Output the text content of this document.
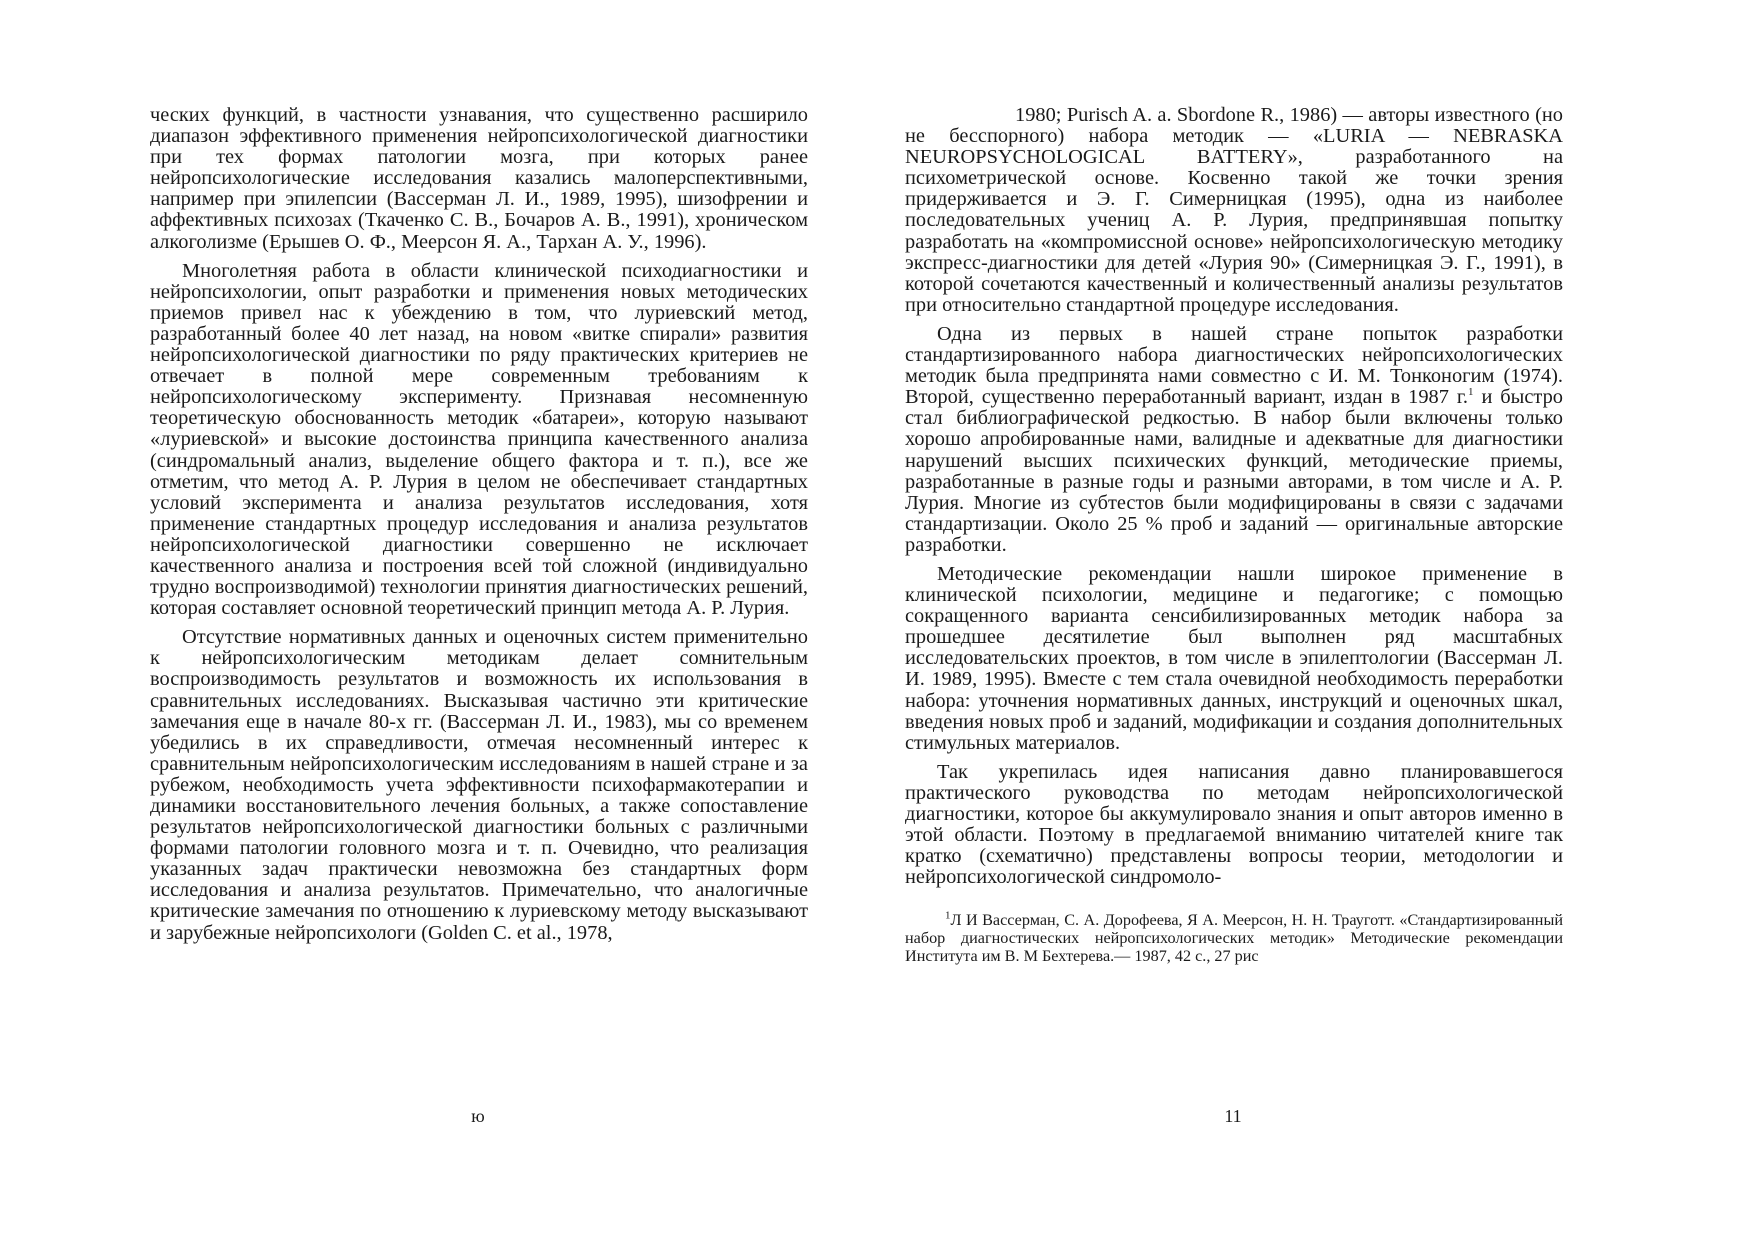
ческих функций, в частности узнавания, что существенно расширило диапазон эффективного применения нейропсихологической диагностики при тех формах патологии мозга, при которых ранее нейропсихологические исследования казались малоперспективными, например при эпилепсии (Вассерман Л. И., 1989, 1995), шизофрении и аффективных психозах (Ткаченко С. В., Бочаров А. В., 1991), хроническом алкоголизме (Ерышев О. Ф., Меерсон Я. А., Тархан А. У., 1996).

Многолетняя работа в области клинической психодиагностики и нейропсихологии, опыт разработки и применения новых методических приемов привел нас к убеждению в том, что луриевский метод, разработанный более 40 лет назад, на новом «витке спирали» развития нейропсихологической диагностики по ряду практических критериев не отвечает в полной мере современным требованиям к нейропсихологическому эксперименту. Признавая несомненную теоретическую обоснованность методик «батареи», которую называют «луриевской» и высокие достоинства принципа качественного анализа (синдромальный анализ, выделение общего фактора и т. п.), все же отметим, что метод А. Р. Лурия в целом не обеспечивает стандартных условий эксперимента и анализа результатов исследования, хотя применение стандартных процедур исследования и анализа результатов нейропсихологической диагностики совершенно не исключает качественного анализа и построения всей той сложной (индивидуально трудно воспроизводимой) технологии принятия диагностических решений, которая составляет основной теоретический принцип метода А. Р. Лурия.

Отсутствие нормативных данных и оценочных систем применительно к нейропсихологическим методикам делает сомнительным воспроизводимость результатов и возможность их использования в сравнительных исследованиях. Высказывая частично эти критические замечания еще в начале 80-х гг. (Вассерман Л. И., 1983), мы со временем убедились в их справедливости, отмечая несомненный интерес к сравнительным нейропсихологическим исследованиям в нашей стране и за рубежом, необходимость учета эффективности психофармакотерапии и динамики восстановительного лечения больных, а также сопоставление результатов нейропсихологической диагностики больных с различными формами патологии головного мозга и т. п. Очевидно, что реализация указанных задач практически невозможна без стандартных форм исследования и анализа результатов. Примечательно, что аналогичные критические замечания по отношению к луриевскому методу высказывают и зарубежные нейропсихологи (Golden C. et al., 1978,

1980; Purisch A. a. Sbordone R., 1986) — авторы известного (но не бесспорного) набора методик — «LURIA — NEBRASKA NEUROPSYCHOLOGICAL BATTERY», разработанного на психометрической основе. Косвенно такой же точки зрения придерживается и Э. Г. Симерницкая (1995), одна из наиболее последовательных учениц А. Р. Лурия, предпринявшая попытку разработать на «компромиссной основе» нейропсихологическую методику экспресс-диагностики для детей «Лурия 90» (Симерницкая Э. Г., 1991), в которой сочетаются качественный и количественный анализы результатов при относительно стандартной процедуре исследования.

Одна из первых в нашей стране попыток разработки стандартизированного набора диагностических нейропсихологических методик была предпринята нами совместно с И. М. Тонконогим (1974). Второй, существенно переработанный вариант, издан в 1987 г.$^1$ и быстро стал библиографической редкостью. В набор были включены только хорошо апробированные нами, валидные и адекватные для диагностики нарушений высших психических функций, методические приемы, разработанные в разные годы и разными авторами, в том числе и А. Р. Лурия. Многие из субтестов были модифицированы в связи с задачами стандартизации. Около 25 % проб и заданий — оригинальные авторские разработки.

Методические рекомендации нашли широкое применение в клинической психологии, медицине и педагогике; с помощью сокращенного варианта сенсибилизированных методик набора за прошедшее десятилетие был выполнен ряд масштабных исследовательских проектов, в том числе в эпилептологии (Вассерман Л. И. 1989, 1995). Вместе с тем стала очевидной необходимость переработки набора: уточнения нормативных данных, инструкций и оценочных шкал, введения новых проб и заданий, модификации и создания дополнительных стимульных материалов.

Так укрепилась идея написания давно планировавшегося практического руководства по методам нейропсихологической диагностики, которое бы аккумулировало знания и опыт авторов именно в этой области. Поэтому в предлагаемой вниманию читателей книге так кратко (схематично) представлены вопросы теории, методологии и нейропсихологической синдромоло-

$^1$Л И Вассерман, С. А. Дорофеева, Я А. Меерсон, Н. Н. Трауготт. «Стандартизированный набор диагностических нейропсихологических методик» Методические рекомендации Института им В. М Бехтерева.— 1987, 42 с., 27 рис

ю	11
